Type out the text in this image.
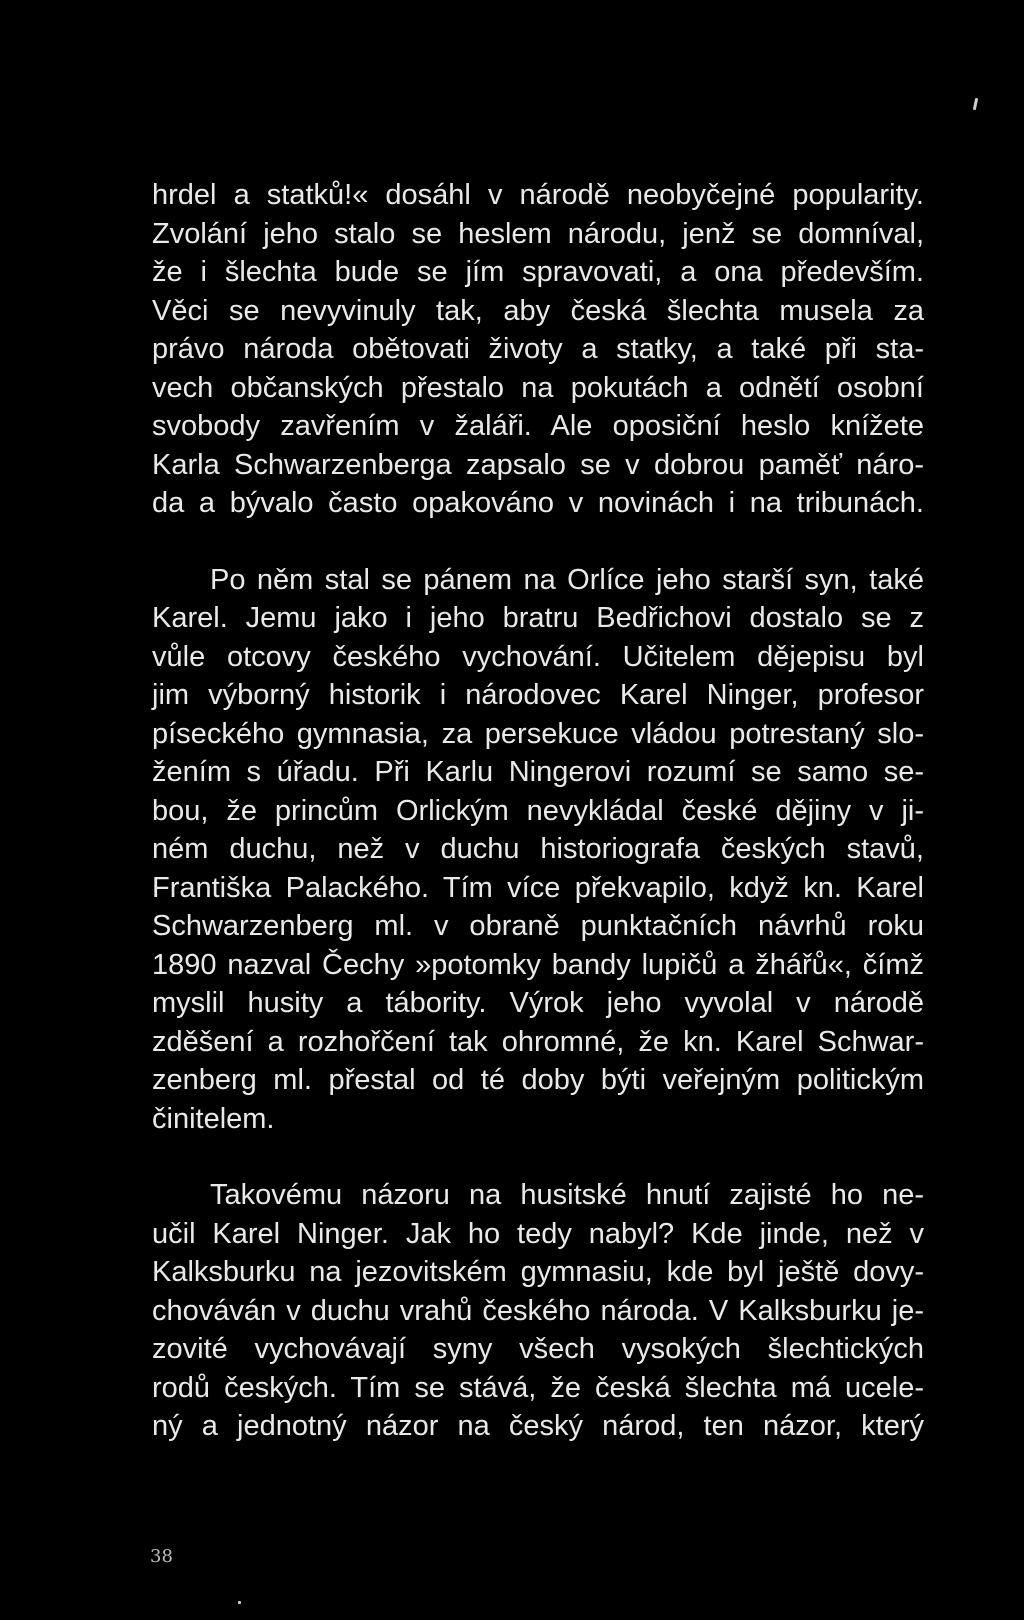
hrdel a statků!« dosáhl v národě neobyčejné popularity.
Zvolání jeho stalo se heslem národu, jenž se domníval,
že i šlechta bude se jím spravovati, a ona především.
Věci se nevyvinuly tak, aby česká šlechta musela za
právo národa obětovati životy a statky, a také při sta-
vech občanských přestalo na pokutách a odnětí osobní
svobody zavřením v žaláři. Ale oposiční heslo knížete
Karla Schwarzenberga zapsalo se v dobrou paměť náro-
da a bývalo často opakováno v novinách i na tribunách.
Po něm stal se pánem na Orlíce jeho starší syn, také
Karel. Jemu jako i jeho bratru Bedřichovi dostalo se z
vůle otcovy českého vychování. Učitelem dějepisu byl
jim výborný historik i národovec Karel Ninger, profesor
píseckého gymnasia, za persekuce vládou potrestaný slo-
žením s úřadu. Při Karlu Ningerovi rozumí se samo se-
bou, že princům Orlickým nevykládal české dějiny v ji-
ném duchu, než v duchu historiografa českých stavů,
Františka Palackého. Tím více překvapilo, když kn. Karel
Schwarzenberg ml. v obraně punktačních návrhů roku
1890 nazval Čechy »potomky bandy lupičů a žhářů«, čímž
myslil husity a tábority. Výrok jeho vyvolal v národě
zděšení a rozhořčení tak ohromné, že kn. Karel Schwar-
zenberg ml. přestal od té doby býti veřejným politickým
činitelem.
Takovému názoru na husitské hnutí zajisté ho ne-
učil Karel Ninger. Jak ho tedy nabyl? Kde jinde, než v
Kalksburku na jezovitském gymnasiu, kde byl ještě dovy-
chováván v duchu vrahů českého národa. V Kalksburku je-
zovité vychovávají syny všech vysokých šlechtických
rodů českých. Tím se stává, že česká šlechta má ucele-
ný a jednotný názor na český národ, ten názor, který
38
